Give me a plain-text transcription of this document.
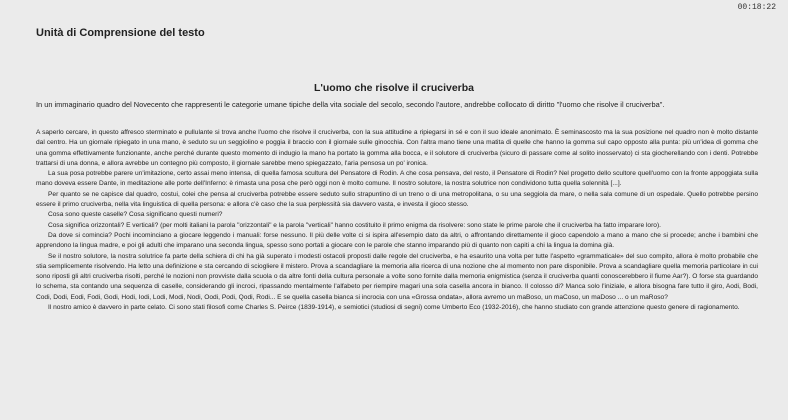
00:18:22
Unità di Comprensione del testo
L'uomo che risolve il cruciverba
In un immaginario quadro del Novecento che rappresenti le categorie umane tipiche della vita sociale del secolo, secondo l'autore, andrebbe collocato di diritto "l'uomo che risolve il cruciverba".

A saperlo cercare, in questo affresco sterminato e pullulante si trova anche l'uomo che risolve il cruciverba, con la sua attitudine a ripiegarsi in sé e con il suo ideale anonimato. È seminascosto ma la sua posizione nel quadro non è molto distante dal centro. Ha un giornale ripiegato in una mano, è seduto su un seggiolino e poggia il braccio con il giornale sulle ginocchia. Con l'altra mano tiene una matita di quelle che hanno la gomma sul capo opposto alla punta: più un'idea di gomma che una gomma effettivamente funzionante, anche perché durante questo momento di indugio la mano ha portato la gomma alla bocca, e il solutore di cruciverba (sicuro di passare come al solito inosservato) ci sta giocherellando con i denti. Potrebbe trattarsi di una donna, e allora avrebbe un contegno più composto, il giornale sarebbe meno spiegazzato, l'aria pensosa un po' ironica.

La sua posa potrebbe parere un'imitazione, certo assai meno intensa, di quella famosa scultura del Pensatore di Rodin. A che cosa pensava, del resto, il Pensatore di Rodin? Nel progetto dello scultore quell'uomo con la fronte appoggiata sulla mano doveva essere Dante, in meditazione alle porte dell'Inferno: è rimasta una posa che però oggi non è molto comune. Il nostro solutore, la nostra solutrice non condividono tutta quella solennità [...].

Per quanto se ne capisce dal quadro, costui, colei che pensa al cruciverba potrebbe essere seduto sullo strapuntino di un treno o di una metropolitana, o su una seggiola da mare, o nella sala comune di un ospedale. Quello potrebbe persino essere il primo cruciverba, nella vita linguistica di quella persona: e allora c'è caso che la sua perplessità sia davvero vasta, e investa il gioco stesso.

Cosa sono queste caselle? Cosa significano questi numeri?

Cosa significa orizzontali? E verticali? (per molti italiani la parola "orizzontali" e la parola "verticali" hanno costituito il primo enigma da risolvere: sono state le prime parole che il cruciverba ha fatto imparare loro).

Da dove si comincia? Pochi incominciano a giocare leggendo i manuali: forse nessuno. Il più delle volte ci si ispira all'esempio dato da altri, o affrontando direttamente il gioco capendolo a mano a mano che si procede; anche i bambini che apprendono la lingua madre, e poi gli adulti che imparano una seconda lingua, spesso sono portati a giocare con le parole che stanno imparando più di quanto non capiti a chi la lingua la domina già.

Se il nostro solutore, la nostra solutrice fa parte della schiera di chi ha già superato i modesti ostacoli proposti dalle regole del cruciverba, e ha esaurito una volta per tutte l'aspetto «grammaticale» del suo compito, allora è molto probabile che stia semplicemente risolvendo. Ha letto una definizione e sta cercando di sciogliere il mistero. Prova a scandagliare la memoria alla ricerca di una nozione che al momento non pare disponibile. Prova a scandagliare quella memoria particolare in cui sono riposti gli altri cruciverba risolti, perché le nozioni non provviste dalla scuola o da altre fonti della cultura personale a volte sono fornite dalla memoria enigmistica (senza il cruciverba quanti conoscerebbero il fiume Aar?). O forse sta guardando lo schema, sta contando una sequenza di caselle, considerando gli incroci, ripassando mentalmente l'alfabeto per riempire magari una sola casella ancora in bianco. Il colosso di? Manca solo l'iniziale, e allora bisogna fare tutto il giro, Aodi, Bodi, Codi, Dodi, Eodi, Fodi, Godi, Hodi, Iodi, Lodi, Modi, Nodi, Oodi, Podi, Qodi, Rodi... E se quella casella bianca si incrocia con una «Grossa ondata», allora avremo un maBoso, un maCoso, un maDoso ... o un maRoso?

Il nostro amico è davvero in parte celato. Ci sono stati filosofi come Charles S. Peirce (1839-1914), e semiotici (studiosi di segni) come Umberto Eco (1932-2016), che hanno studiato con grande attenzione questo genere di ragionamento.
